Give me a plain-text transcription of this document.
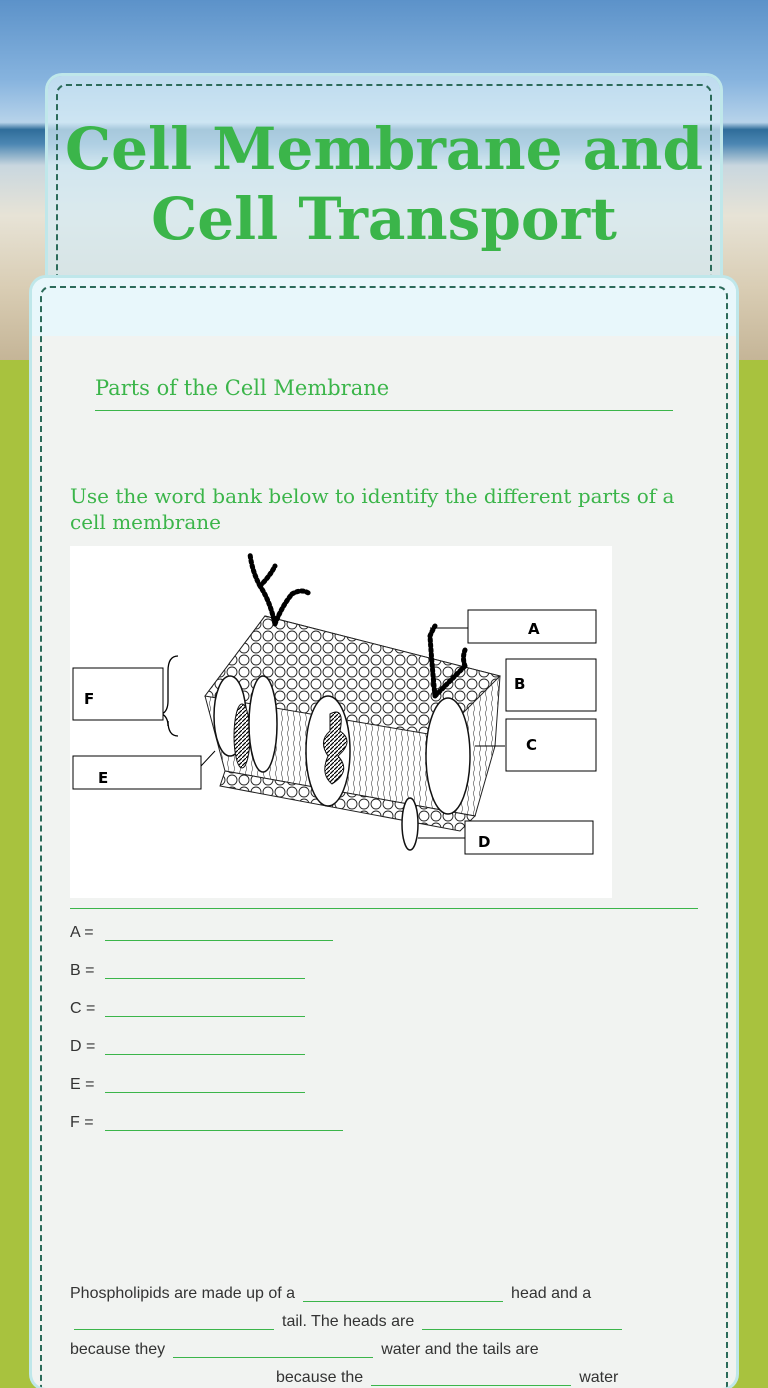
Cell Membrane and Cell Transport
Parts of the Cell Membrane

Use the word bank below to identify the different parts of a cell membrane

A
B
C
D
E
F
A =
B =
C =
D =
E =
F =
Phospholipids are made up of a	head and a
tail. The heads are
because they	water and the tails are
because the	water
